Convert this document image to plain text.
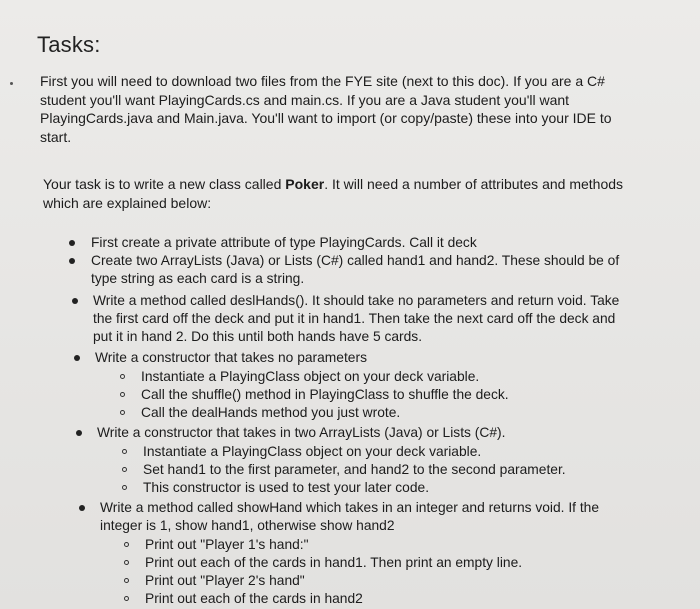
Tasks:

First you will need to download two files from the FYE site (next to this doc). If you are a C#

student you'll want PlayingCards.cs and main.cs. If you are a Java student you'll want

PlayingCards.java and Main.java. You'll want to import (or copy/paste) these into your IDE to

start.

Your task is to write a new class called Poker. It will need a number of attributes and methods

which are explained below:

First create a private attribute of type PlayingCards. Call it deck

Create two ArrayLists (Java) or Lists (C#) called hand1 and hand2. These should be of

type string as each card is a string.

Write a method called deslHands(). It should take no parameters and return void. Take

the first card off the deck and put it in hand1. Then take the next card off the deck and

put it in hand 2. Do this until both hands have 5 cards.

Write a constructor that takes no parameters

Instantiate a PlayingClass object on your deck variable.

Call the shuffle() method in PlayingClass to shuffle the deck.

Call the dealHands method you just wrote.

Write a constructor that takes in two ArrayLists (Java) or Lists (C#).

Instantiate a PlayingClass object on your deck variable.

Set hand1 to the first parameter, and hand2 to the second parameter.

This constructor is used to test your later code.

Write a method called showHand which takes in an integer and returns void. If the

integer is 1, show hand1, otherwise show hand2

Print out "Player 1's hand:"

Print out each of the cards in hand1. Then print an empty line.

Print out "Player 2's hand"

Print out each of the cards in hand2
